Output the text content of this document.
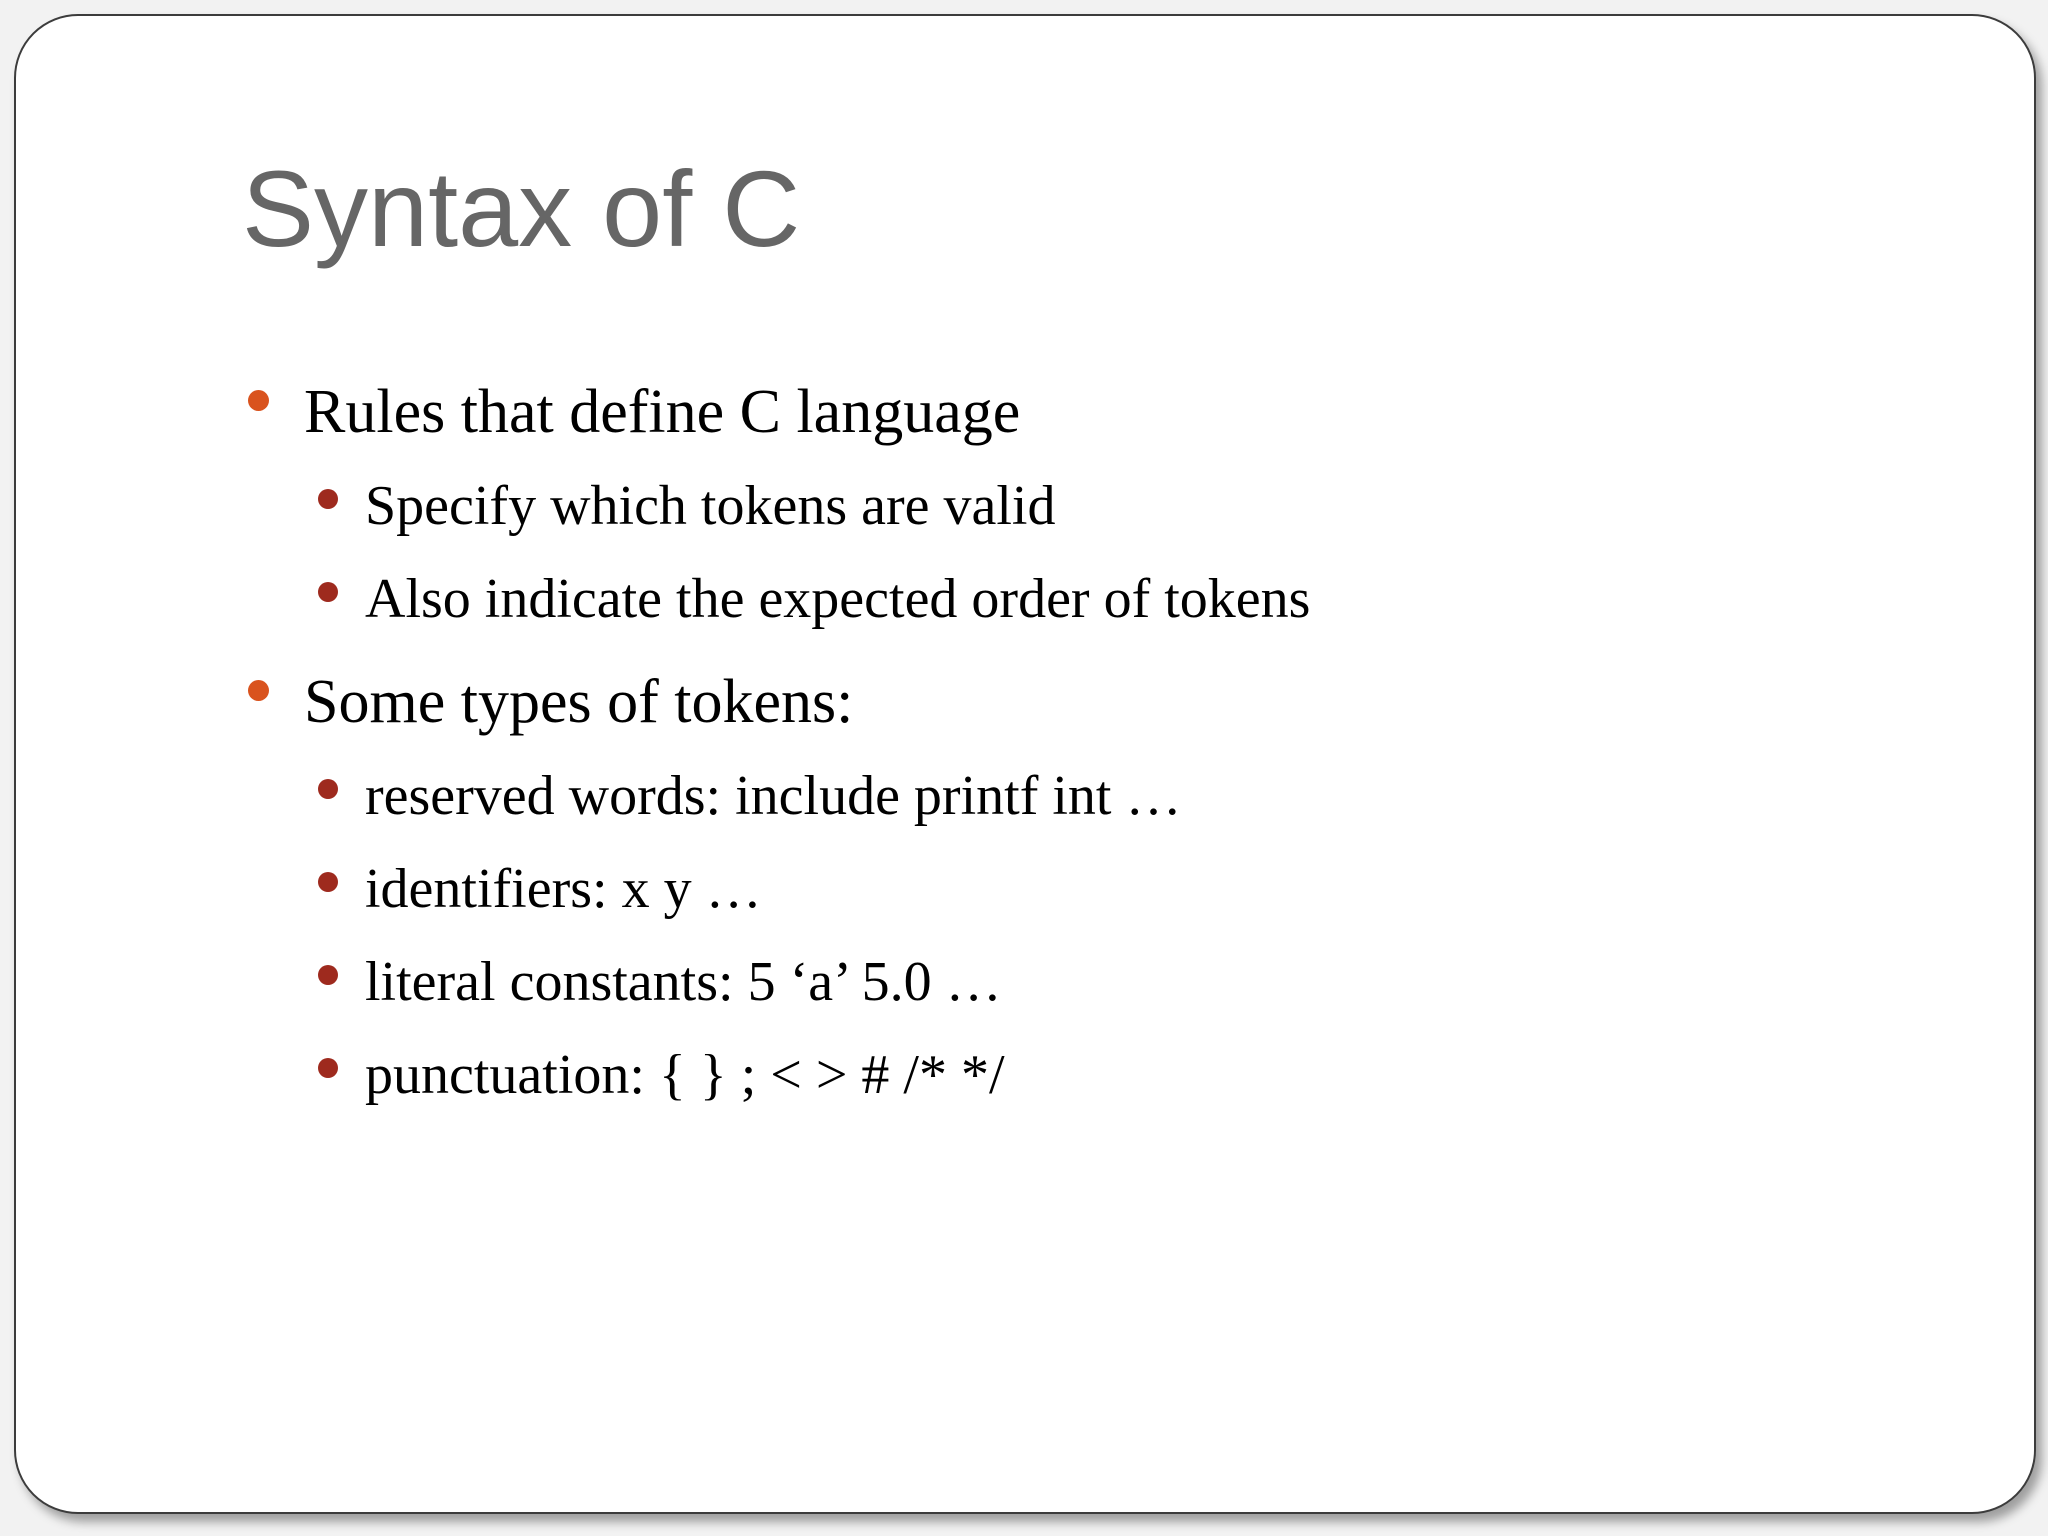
Syntax of C
Rules that define C language
Specify which tokens are valid
Also indicate the expected order of tokens
Some types of tokens:
reserved words: include printf int …
identifiers: x y …
literal constants: 5 ‘a’ 5.0 …
punctuation: { } ; < > # /* */
